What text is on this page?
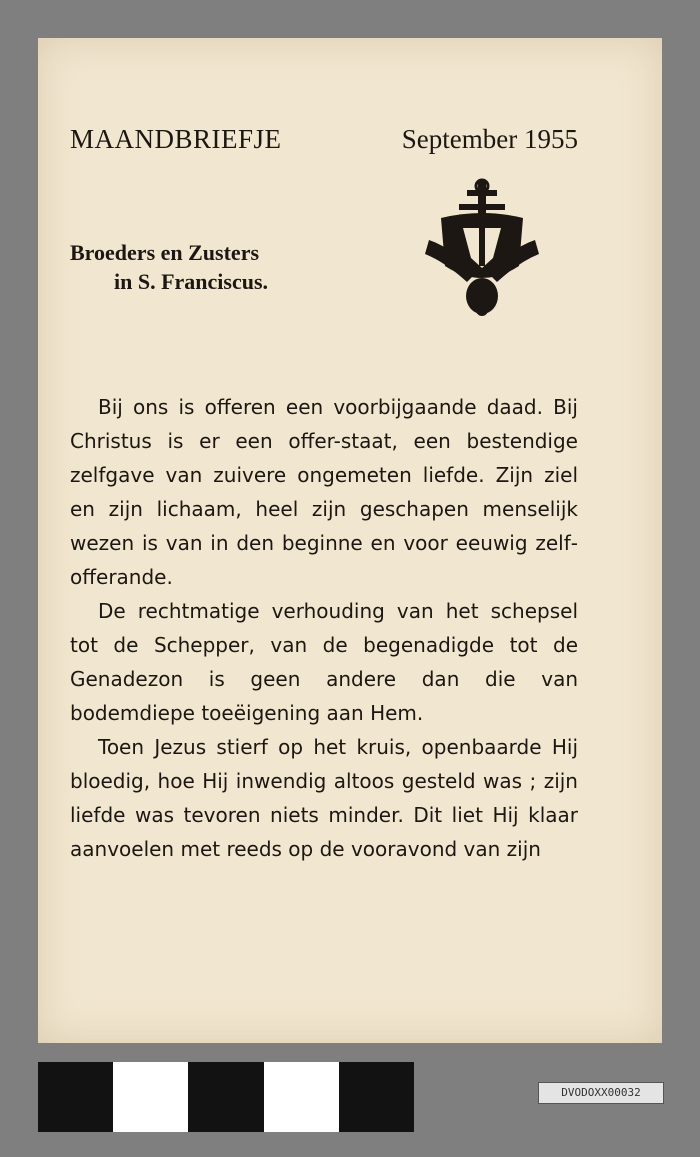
MAANDBRIEFJE	September 1955
Broeders en Zusters
in S. Franciscus.

Bij ons is offeren een voorbijgaande daad. Bij Christus is er een offer-staat, een bestendige zelfgave van zuivere ongemeten liefde. Zijn ziel en zijn lichaam, heel zijn geschapen menselijk wezen is van in den beginne en voor eeuwig zelfofferande.

De rechtmatige verhouding van het schepsel tot de Schepper, van de begenadigde tot de Genadezon is geen andere dan die van bodemdiepe toeëigening aan Hem.

Toen Jezus stierf op het kruis, openbaarde Hij bloedig, hoe Hij inwendig altoos gesteld was ; zijn liefde was tevoren niets minder. Dit liet Hij klaar aanvoelen met reeds op de vooravond van zijn

DVODOXX00032
